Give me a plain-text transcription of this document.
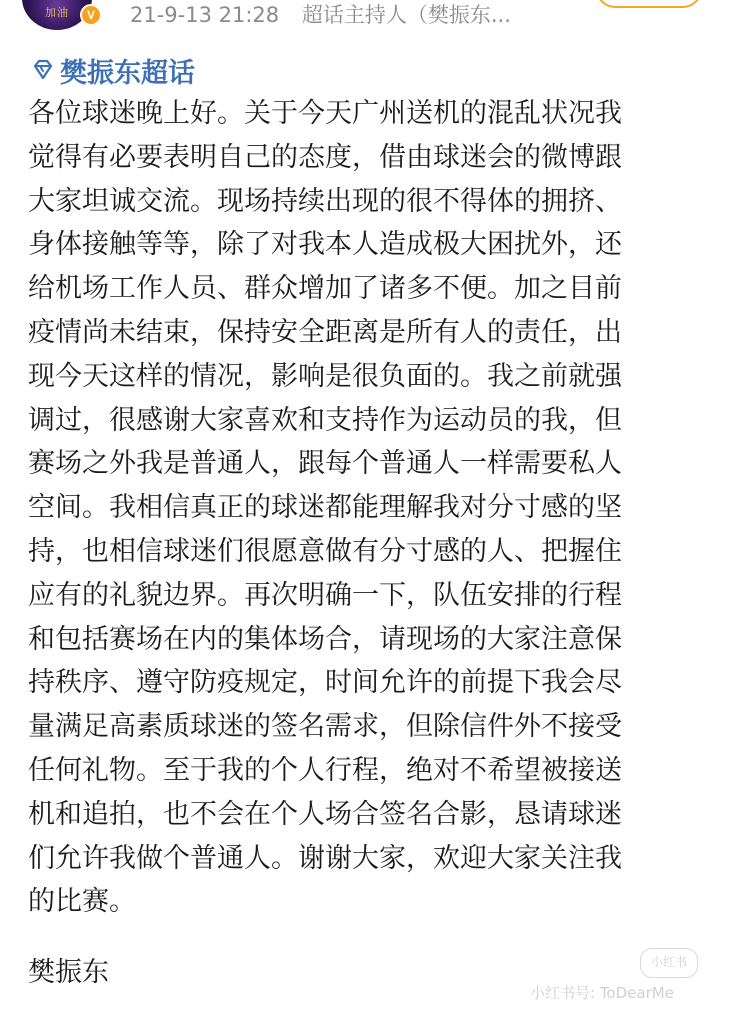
加油	V	21-9-13 21:28 超话主持人（樊振东...
樊振东超话
各位球迷晚上好。关于今天广州送机的混乱状况我
觉得有必要表明自己的态度，借由球迷会的微博跟
大家坦诚交流。现场持续出现的很不得体的拥挤、
身体接触等等，除了对我本人造成极大困扰外，还
给机场工作人员、群众增加了诸多不便。加之目前
疫情尚未结束，保持安全距离是所有人的责任，出
现今天这样的情况，影响是很负面的。我之前就强
调过，很感谢大家喜欢和支持作为运动员的我，但
赛场之外我是普通人，跟每个普通人一样需要私人
空间。我相信真正的球迷都能理解我对分寸感的坚
持，也相信球迷们很愿意做有分寸感的人、把握住
应有的礼貌边界。再次明确一下，队伍安排的行程
和包括赛场在内的集体场合，请现场的大家注意保
持秩序、遵守防疫规定，时间允许的前提下我会尽
量满足高素质球迷的签名需求，但除信件外不接受
任何礼物。至于我的个人行程，绝对不希望被接送
机和追拍，也不会在个人场合签名合影，恳请球迷
们允许我做个普通人。谢谢大家，欢迎大家关注我
的比赛。
樊振东	小红书
小红书号: ToDearMe
